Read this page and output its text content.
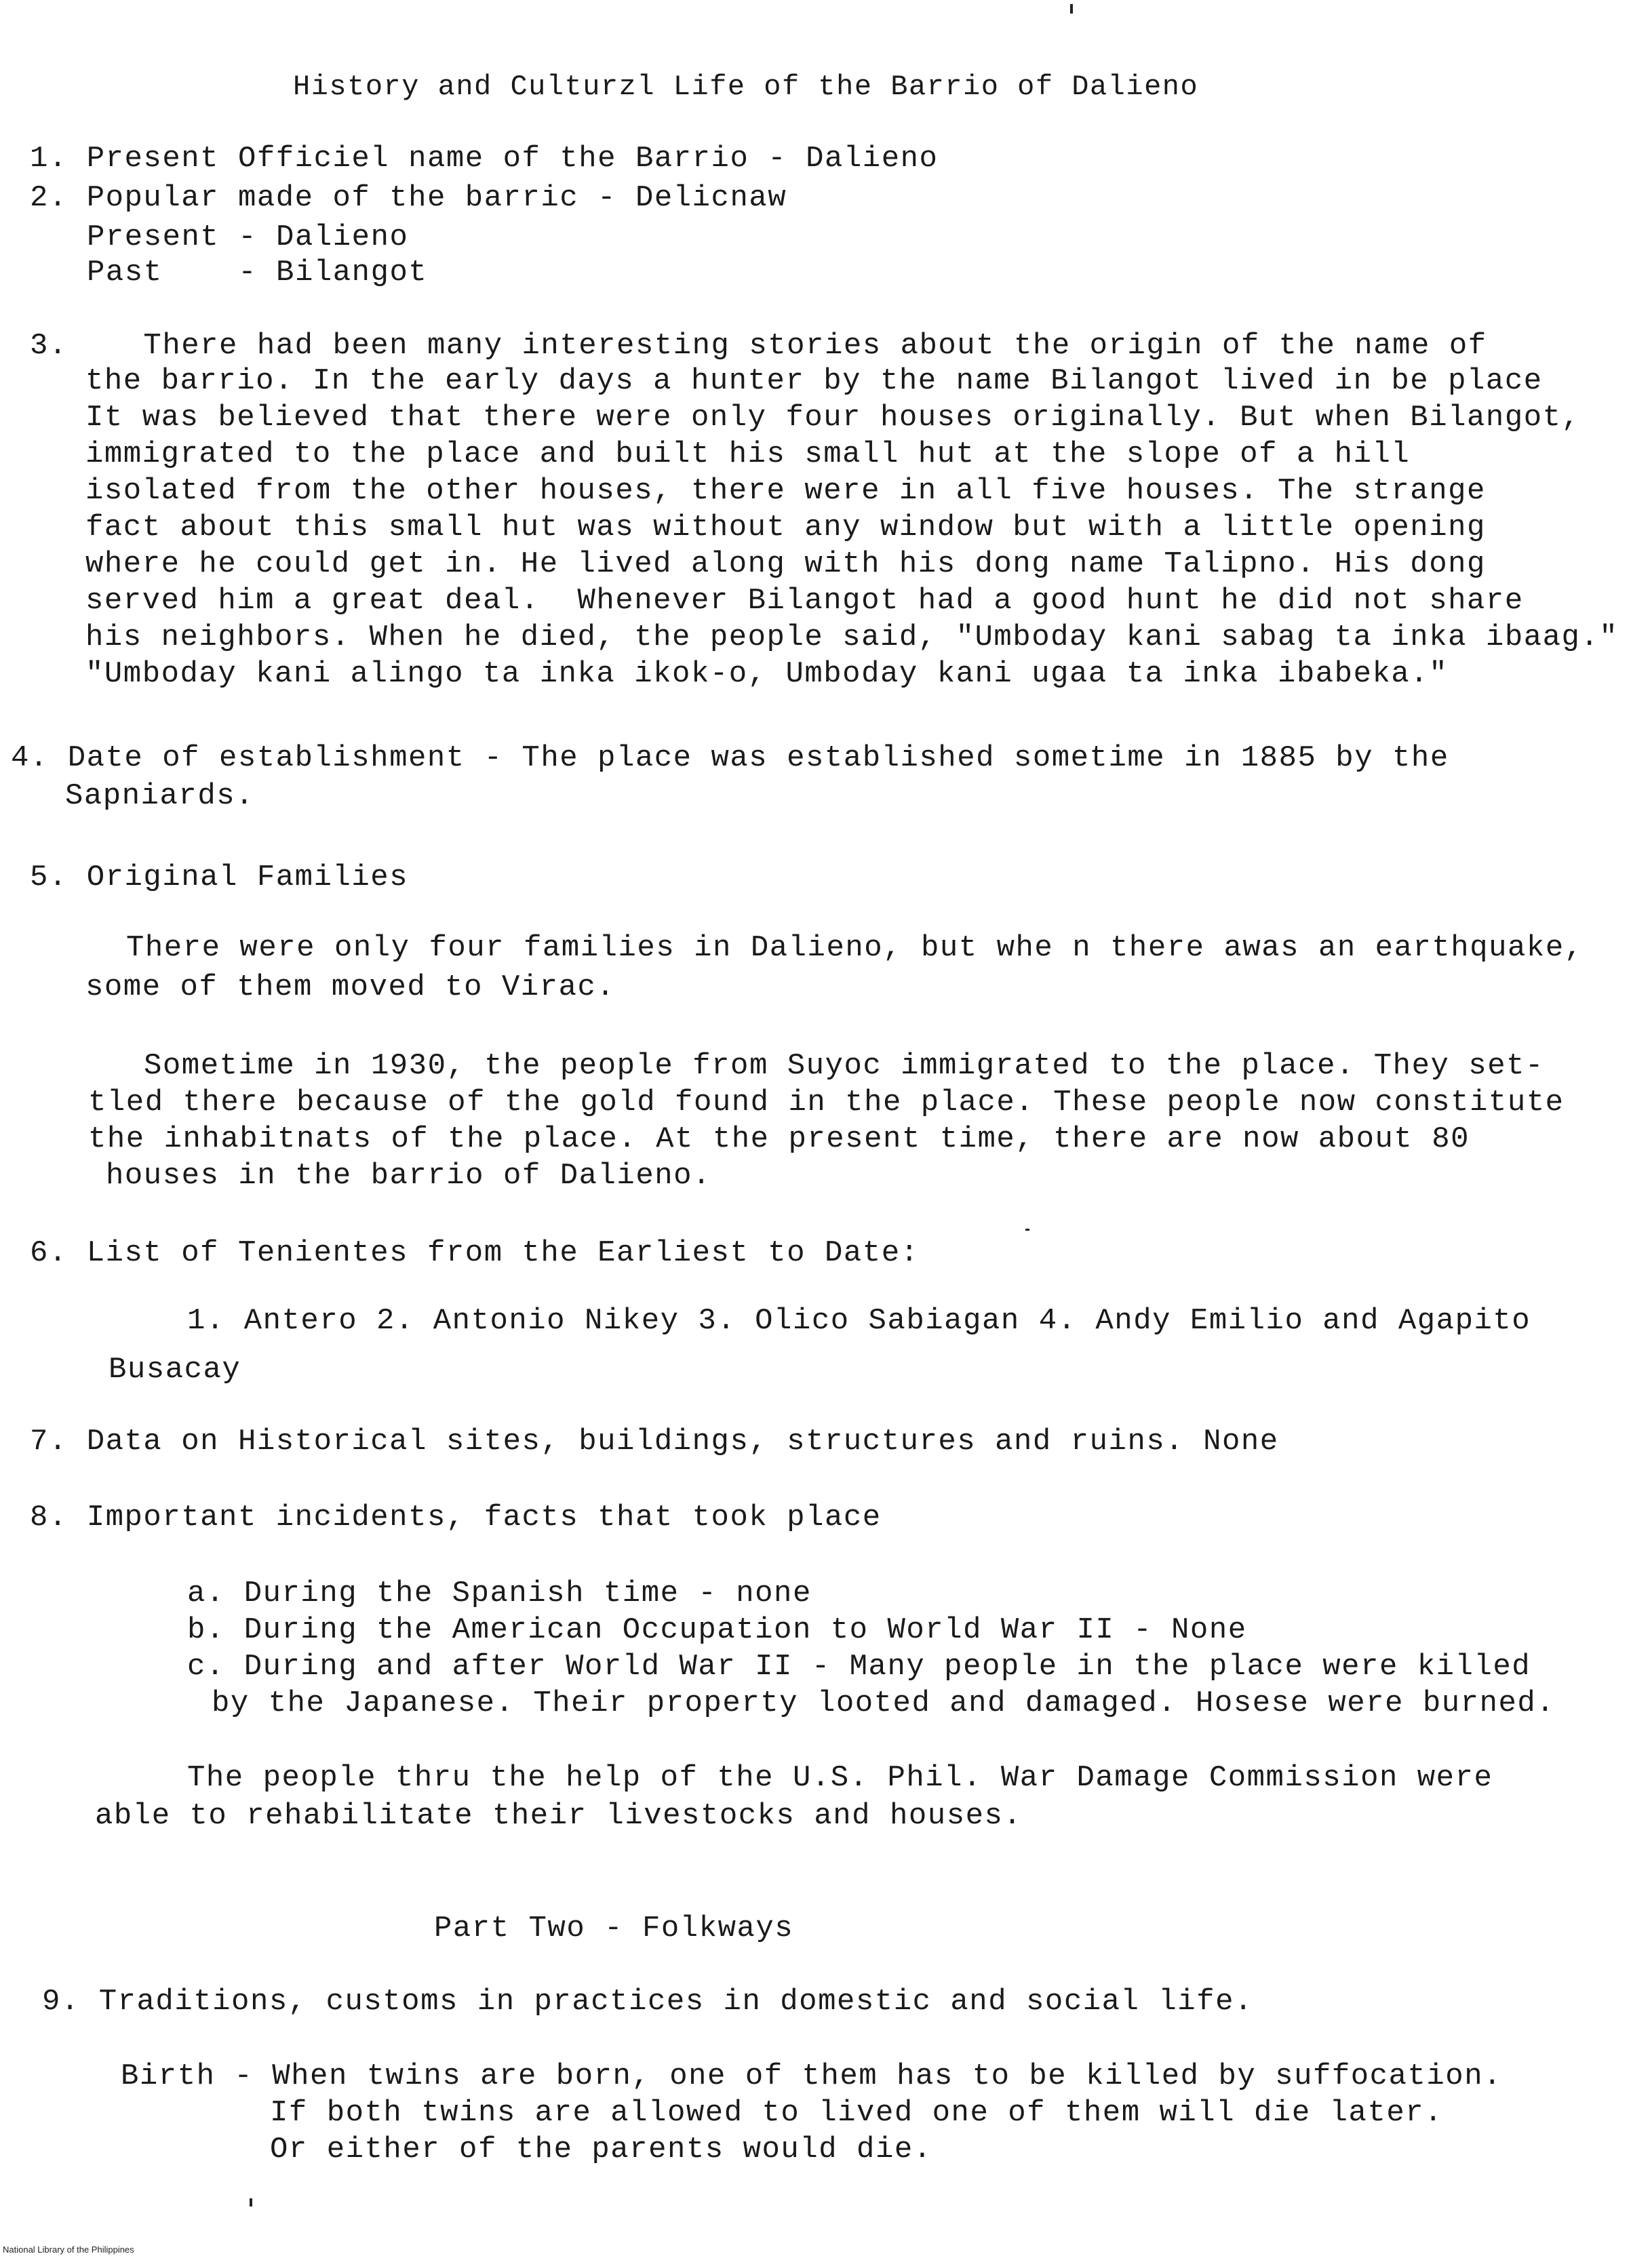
History and Culturzl Life of the Barrio of Dalieno
1. Present Officiel name of the Barrio - Dalieno
2. Popular made of the barric - Delicnaw
Present - Dalieno
Past    - Bilangot
3.    There had been many interesting stories about the origin of the name of
the barrio. In the early days a hunter by the name Bilangot lived in be place
It was believed that there were only four houses originally. But when Bilangot,
immigrated to the place and built his small hut at the slope of a hill
isolated from the other houses, there were in all five houses. The strange
fact about this small hut was without any window but with a little opening
where he could get in. He lived along with his dong name Talipno. His dong
served him a great deal.  Whenever Bilangot had a good hunt he did not share
his neighbors. When he died, the people said, "Umboday kani sabag ta inka ibaag."
"Umboday kani alingo ta inka ikok-o, Umboday kani ugaa ta inka ibabeka."
4. Date of establishment - The place was established sometime in 1885 by the
Sapniards.
5. Original Families
There were only four families in Dalieno, but whe n there awas an earthquake,
some of them moved to Virac.
Sometime in 1930, the people from Suyoc immigrated to the place. They set-
tled there because of the gold found in the place. These people now constitute
the inhabitnats of the place. At the present time, there are now about 80
houses in the barrio of Dalieno.
6. List of Tenientes from the Earliest to Date:
1. Antero 2. Antonio Nikey 3. Olico Sabiagan 4. Andy Emilio and Agapito
Busacay
7. Data on Historical sites, buildings, structures and ruins. None
8. Important incidents, facts that took place
a. During the Spanish time - none
b. During the American Occupation to World War II - None
c. During and after World War II - Many people in the place were killed
by the Japanese. Their property looted and damaged. Hosese were burned.
The people thru the help of the U.S. Phil. War Damage Commission were
able to rehabilitate their livestocks and houses.
Part Two - Folkways
9. Traditions, customs in practices in domestic and social life.
Birth - When twins are born, one of them has to be killed by suffocation.
If both twins are allowed to lived one of them will die later.
Or either of the parents would die.
National Library of the Philippines
